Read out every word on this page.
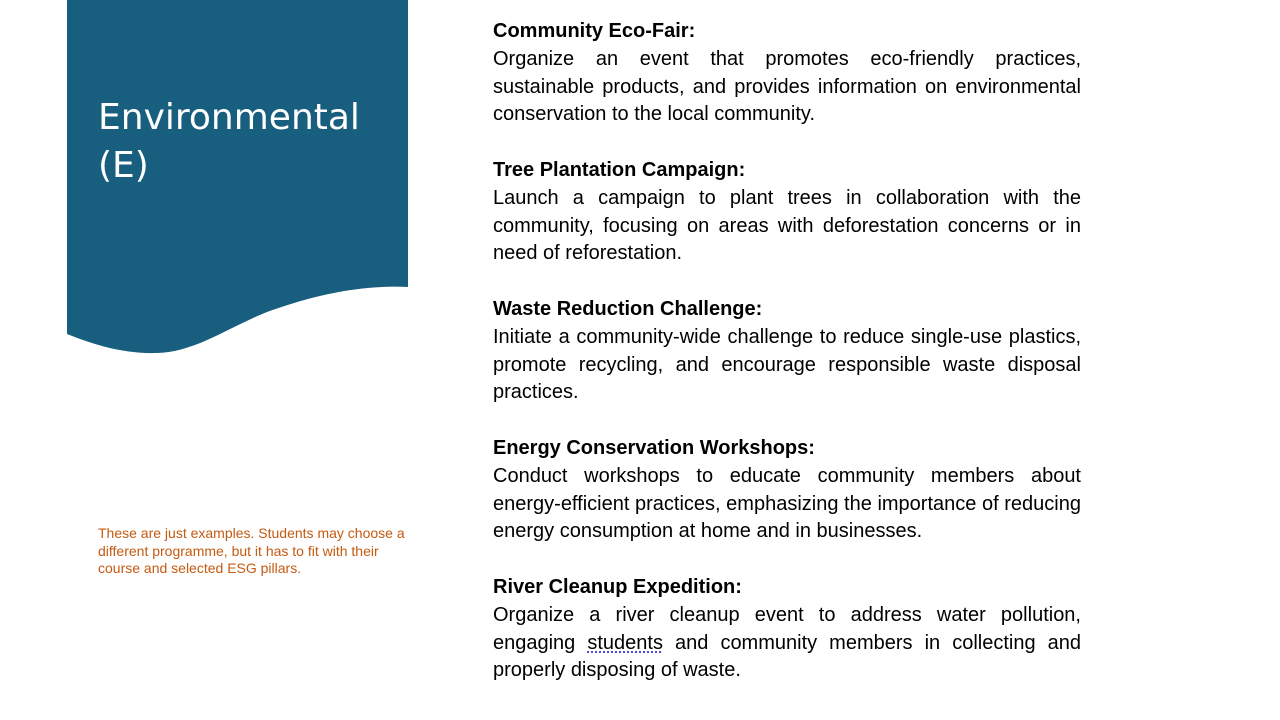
Environmental
(E)

These are just examples. Students may choose a different programme, but it has to fit with their course and selected ESG pillars.

Community Eco-Fair:

Organize an event that promotes eco-friendly practices, sustainable products, and provides information on environmental conservation to the local community.

Tree Plantation Campaign:

Launch a campaign to plant trees in collaboration with the community, focusing on areas with deforestation concerns or in need of reforestation.

Waste Reduction Challenge:

Initiate a community-wide challenge to reduce single-use plastics, promote recycling, and encourage responsible waste disposal practices.

Energy Conservation Workshops:

Conduct workshops to educate community members about energy-efficient practices, emphasizing the importance of reducing energy consumption at home and in businesses.

River Cleanup Expedition:

Organize a river cleanup event to address water pollution, engaging students and community members in collecting and properly disposing of waste.
